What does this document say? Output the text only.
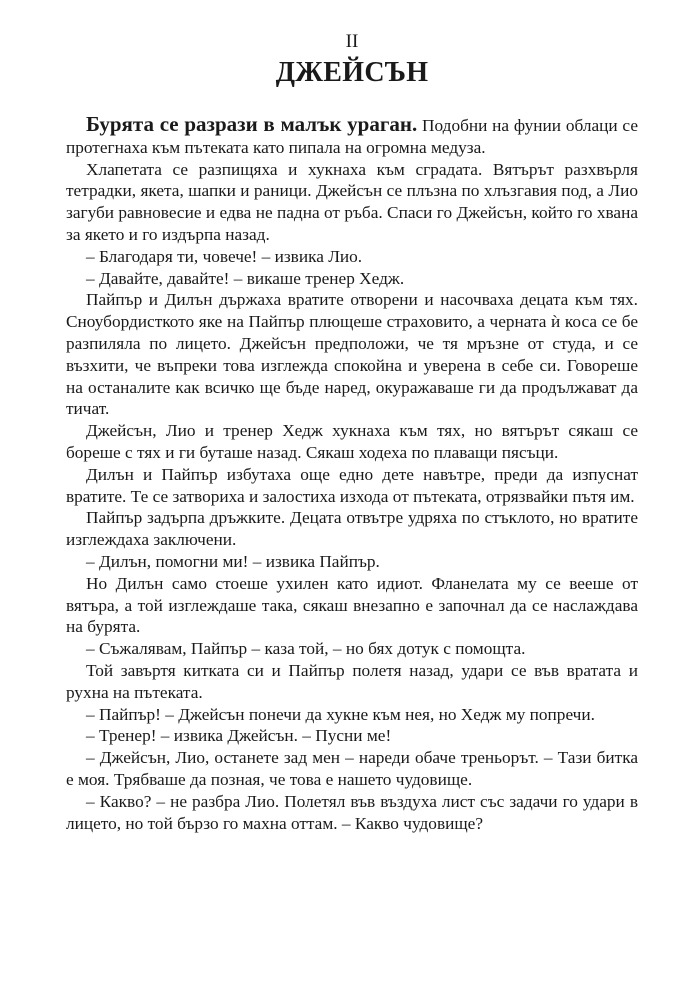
II
ДЖЕЙСЪН

Бурята се разрази в малък ураган. Подобни на фунии облаци се протегнаха към пътеката като пипала на огромна медуза.

Хлапетата се разпищяха и хукнаха към сградата. Вятърът разхвърля тетрадки, якета, шапки и раници. Джейсън се плъзна по хлъзгавия под, а Лио загуби равновесие и едва не падна от ръба. Спаси го Джейсън, който го хвана за якето и го издърпа назад.

– Благодаря ти, човече! – извика Лио.

– Давайте, давайте! – викаше тренер Хедж.

Пайпър и Дилън държаха вратите отворени и насочваха децата към тях. Сноубордисткото яке на Пайпър плющеше страховито, а черната ѝ коса се бе разпиляла по лицето. Джейсън предположи, че тя мръзне от студа, и се възхити, че въпреки това изглежда спокойна и уверена в себе си. Говореше на останалите как всичко ще бъде наред, окуражаваше ги да продължават да тичат.

Джейсън, Лио и тренер Хедж хукнаха към тях, но вятърът сякаш се бореше с тях и ги буташе назад. Сякаш ходеха по плаващи пясъци.

Дилън и Пайпър избутаха още едно дете навътре, преди да изпуснат вратите. Те се затвориха и залостиха изхода от пътеката, отрязвайки пътя им.

Пайпър задърпа дръжките. Децата отвътре удряха по стъклото, но вратите изглеждаха заключени.

– Дилън, помогни ми! – извика Пайпър.

Но Дилън само стоеше ухилен като идиот. Фланелата му се вееше от вятъра, а той изглеждаше така, сякаш внезапно е започнал да се наслаждава на бурята.

– Съжалявам, Пайпър – каза той, – но бях дотук с помощта.

Той завъртя китката си и Пайпър полетя назад, удари се във вратата и рухна на пътеката.

– Пайпър! – Джейсън понечи да хукне към нея, но Хедж му попречи.

– Тренер! – извика Джейсън. – Пусни ме!

– Джейсън, Лио, останете зад мен – нареди обаче треньорът. – Тази битка е моя. Трябваше да позная, че това е нашето чудовище.

– Какво? – не разбра Лио. Полетял във въздуха лист със задачи го удари в лицето, но той бързо го махна оттам. – Какво чудовище?
